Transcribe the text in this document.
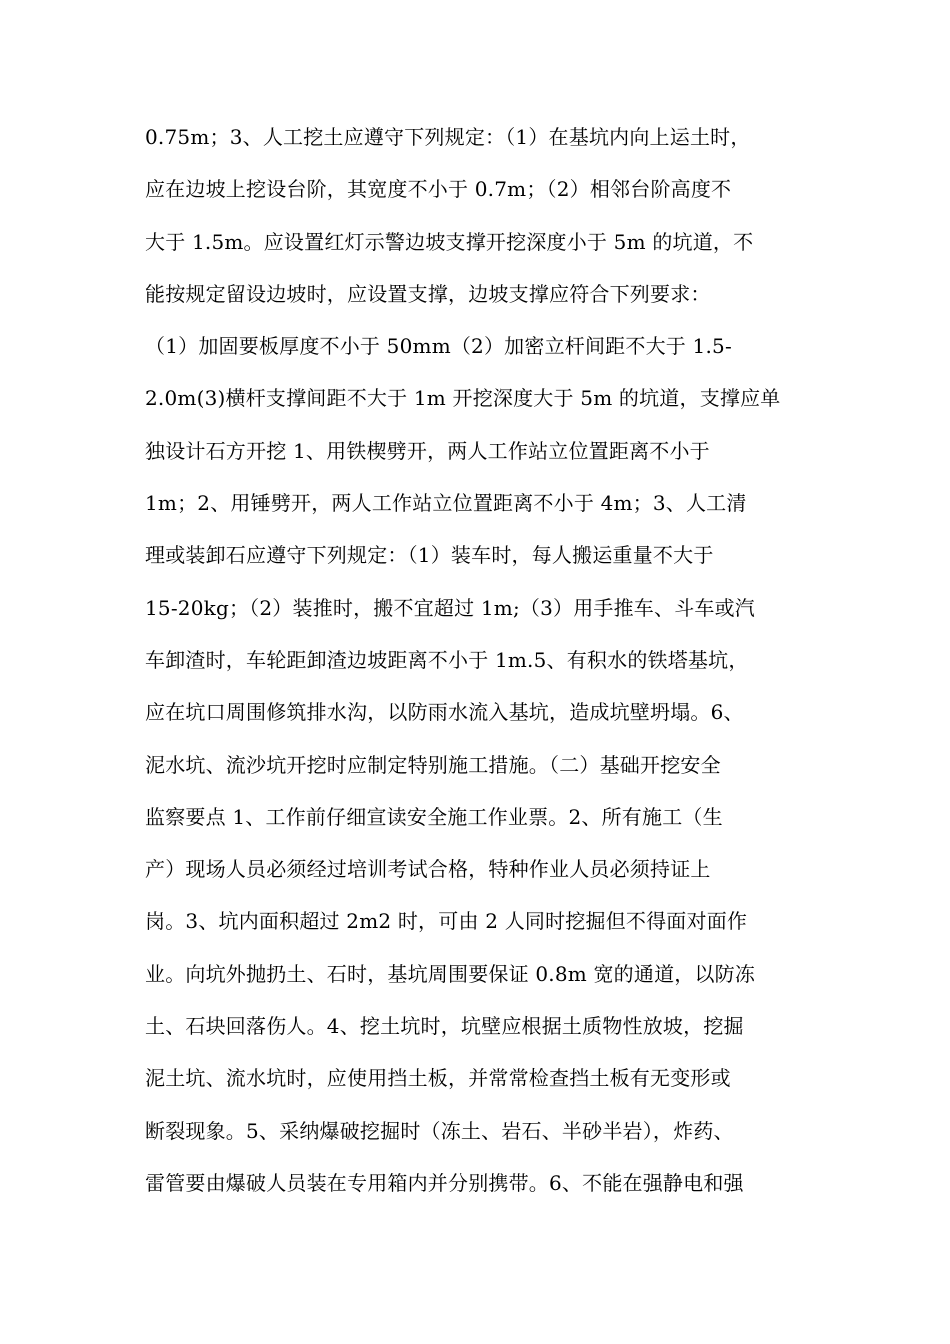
0.75m；3、人工挖土应遵守下列规定：（1）在基坑内向上运土时，
应在边坡上挖设台阶，其宽度不小于 0.7m；（2）相邻台阶高度不
大于 1.5m。应设置红灯示警边坡支撑开挖深度小于 5m 的坑道，不
能按规定留设边坡时，应设置支撑，边坡支撑应符合下列要求：
（1）加固要板厚度不小于 50mm（2）加密立杆间距不大于 1.5-
2.0m(3)横杆支撑间距不大于 1m 开挖深度大于 5m 的坑道，支撑应单
独设计石方开挖 1、用铁楔劈开，两人工作站立位置距离不小于
1m；2、用锤劈开，两人工作站立位置距离不小于 4m；3、人工清
理或装卸石应遵守下列规定：（1）装车时，每人搬运重量不大于
15-20kg；（2）装推时，搬不宜超过 1m;（3）用手推车、斗车或汽
车卸渣时，车轮距卸渣边坡距离不小于 1m.5、有积水的铁塔基坑，
应在坑口周围修筑排水沟，以防雨水流入基坑，造成坑壁坍塌。6、
泥水坑、流沙坑开挖时应制定特别施工措施。（二）基础开挖安全
监察要点 1、工作前仔细宣读安全施工作业票。2、所有施工（生
产）现场人员必须经过培训考试合格，特种作业人员必须持证上
岗。3、坑内面积超过 2m2 时，可由 2 人同时挖掘但不得面对面作
业。向坑外抛扔土、石时，基坑周围要保证 0.8m 宽的通道，以防冻
土、石块回落伤人。4、挖土坑时，坑壁应根据土质物性放坡，挖掘
泥土坑、流水坑时，应使用挡土板，并常常检查挡土板有无变形或
断裂现象。5、采纳爆破挖掘时（冻土、岩石、半砂半岩），炸药、
雷管要由爆破人员装在专用箱内并分别携带。6、不能在强静电和强
